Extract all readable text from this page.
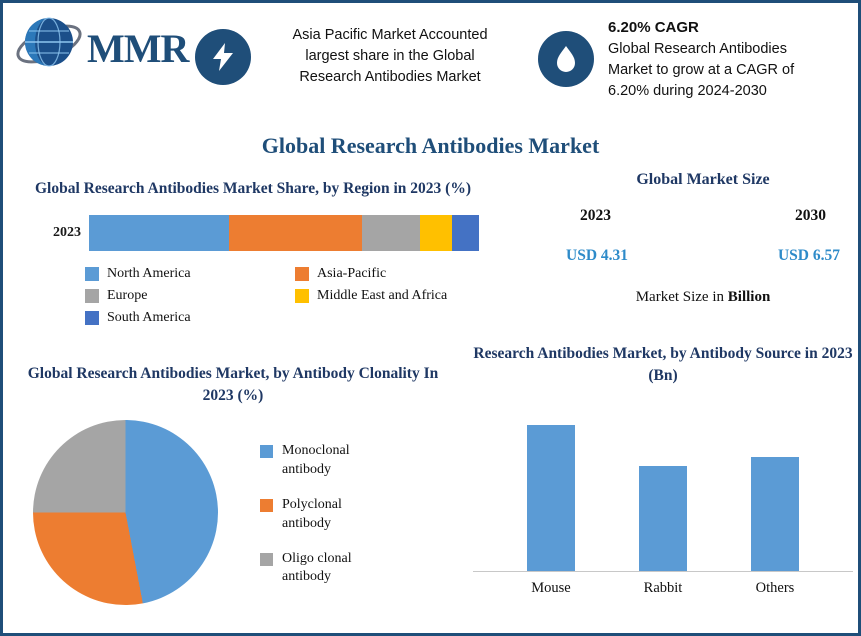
MMR	Asia Pacific Market Accounted
largest share in the Global
Research Antibodies Market
6.20% CAGR
Global Research Antibodies
Market to grow at a CAGR of
6.20% during 2024-2030
Global Research Antibodies Market
Global Research Antibodies Market Share, by Region in 2023 (%)
2023
North America	Asia-Pacific
Europe	Middle East and Africa
South America
Global Market Size
2023	2030
USD 4.31	USD 6.57
Market Size in Billion
Global Research Antibodies Market, by Antibody Clonality In 2023 (%)
Monoclonal antibody
Polyclonal antibody
Oligo clonal antibody
Research Antibodies Market, by Antibody Source in 2023 (Bn)
Mouse	Rabbit	Others
